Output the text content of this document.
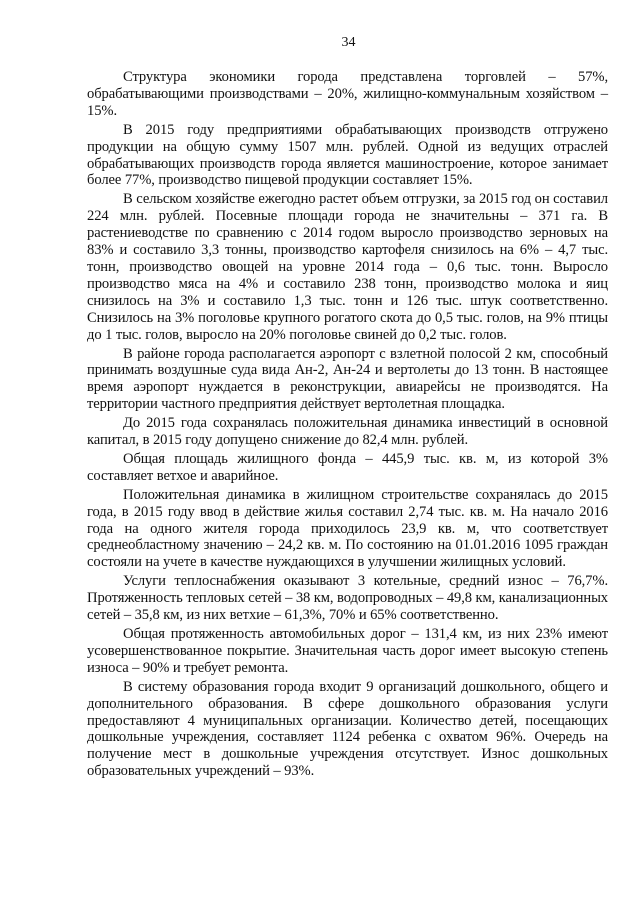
34

Структура экономики города представлена торговлей – 57%, обрабатывающими производствами – 20%, жилищно-коммунальным хозяйством – 15%.

В 2015 году предприятиями обрабатывающих производств отгружено продукции на общую сумму 1507 млн. рублей. Одной из ведущих отраслей обрабатывающих производств города является машиностроение, которое занимает более 77%, производство пищевой продукции составляет 15%.

В сельском хозяйстве ежегодно растет объем отгрузки, за 2015 год он составил 224 млн. рублей. Посевные площади города не значительны – 371 га. В растениеводстве по сравнению с 2014 годом выросло производство зерновых на 83% и составило 3,3 тонны, производство картофеля снизилось на 6% – 4,7 тыс. тонн, производство овощей на уровне 2014 года – 0,6 тыс. тонн. Выросло производство мяса на 4% и составило 238 тонн, производство молока и яиц снизилось на 3% и составило 1,3 тыс. тонн и 126 тыс. штук соответственно. Снизилось на 3% поголовье крупного рогатого скота до 0,5 тыс. голов, на 9% птицы до 1 тыс. голов, выросло на 20% поголовье свиней до 0,2 тыс. голов.

В районе города располагается аэропорт с взлетной полосой 2 км, способный принимать воздушные суда вида Ан-2, Ан-24 и вертолеты до 13 тонн. В настоящее время аэропорт нуждается в реконструкции, авиарейсы не производятся. На территории частного предприятия действует вертолетная площадка.

До 2015 года сохранялась положительная динамика инвестиций в основной капитал, в 2015 году допущено снижение до 82,4 млн. рублей.

Общая площадь жилищного фонда – 445,9 тыс. кв. м, из которой 3% составляет ветхое и аварийное.

Положительная динамика в жилищном строительстве сохранялась до 2015 года, в 2015 году ввод в действие жилья составил 2,74 тыс. кв. м. На начало 2016 года на одного жителя города приходилось 23,9 кв. м, что соответствует среднеобластному значению – 24,2 кв. м. По состоянию на 01.01.2016 1095 граждан состояли на учете в качестве нуждающихся в улучшении жилищных условий.

Услуги теплоснабжения оказывают 3 котельные, средний износ – 76,7%. Протяженность тепловых сетей – 38 км, водопроводных – 49,8 км, канализационных сетей – 35,8 км, из них ветхие – 61,3%, 70% и 65% соответственно.

Общая протяженность автомобильных дорог – 131,4 км, из них 23% имеют усовершенствованное покрытие. Значительная часть дорог имеет высокую степень износа – 90% и требует ремонта.

В систему образования города входит 9 организаций дошкольного, общего и дополнительного образования. В сфере дошкольного образования услуги предоставляют 4 муниципальных организации. Количество детей, посещающих дошкольные учреждения, составляет 1124 ребенка с охватом 96%. Очередь на получение мест в дошкольные учреждения отсутствует. Износ дошкольных образовательных учреждений – 93%.
